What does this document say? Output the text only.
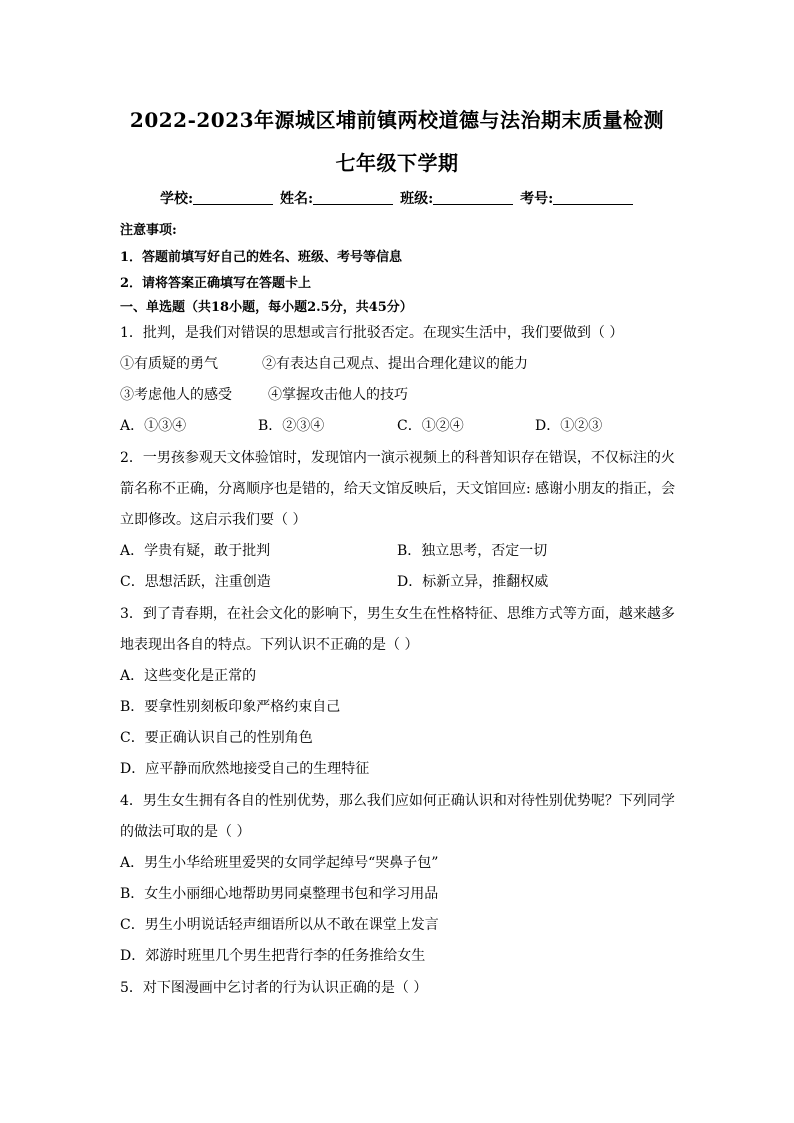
2022-2023年源城区埔前镇两校道德与法治期末质量检测
七年级下学期
学校:	姓名:	班级:	考号:
注意事项:
1．答题前填写好自己的姓名、班级、考号等信息
2．请将答案正确填写在答题卡上
一、单选题（共18小题，每小题2.5分，共45分）
1．批判，是我们对错误的思想或言行批驳否定。在现实生活中，我们要做到（ ）
①有质疑的勇气	②有表达自己观点、提出合理化建议的能力
③考虑他人的感受	④掌握攻击他人的技巧
A．①③④	B．②③④	C．①②④	D．①②③
2．一男孩参观天文体验馆时，发现馆内一演示视频上的科普知识存在错误，不仅标注的火
箭名称不正确，分离顺序也是错的，给天文馆反映后，天文馆回应: 感谢小朋友的指正，会
立即修改。这启示我们要（ ）
A．学贵有疑，敢于批判	B．独立思考，否定一切
C．思想活跃，注重创造	D．标新立异，推翻权威
3．到了青春期，在社会文化的影响下，男生女生在性格特征、思维方式等方面，越来越多
地表现出各自的特点。下列认识不正确的是（ ）
A．这些变化是正常的
B．要拿性别刻板印象严格约束自己
C．要正确认识自己的性别角色
D．应平静而欣然地接受自己的生理特征
4．男生女生拥有各自的性别优势，那么我们应如何正确认识和对待性别优势呢？下列同学
的做法可取的是（ ）
A．男生小华给班里爱哭的女同学起绰号“哭鼻子包”
B．女生小丽细心地帮助男同桌整理书包和学习用品
C．男生小明说话轻声细语所以从不敢在课堂上发言
D．郊游时班里几个男生把背行李的任务推给女生
5．对下图漫画中乞讨者的行为认识正确的是（ ）
